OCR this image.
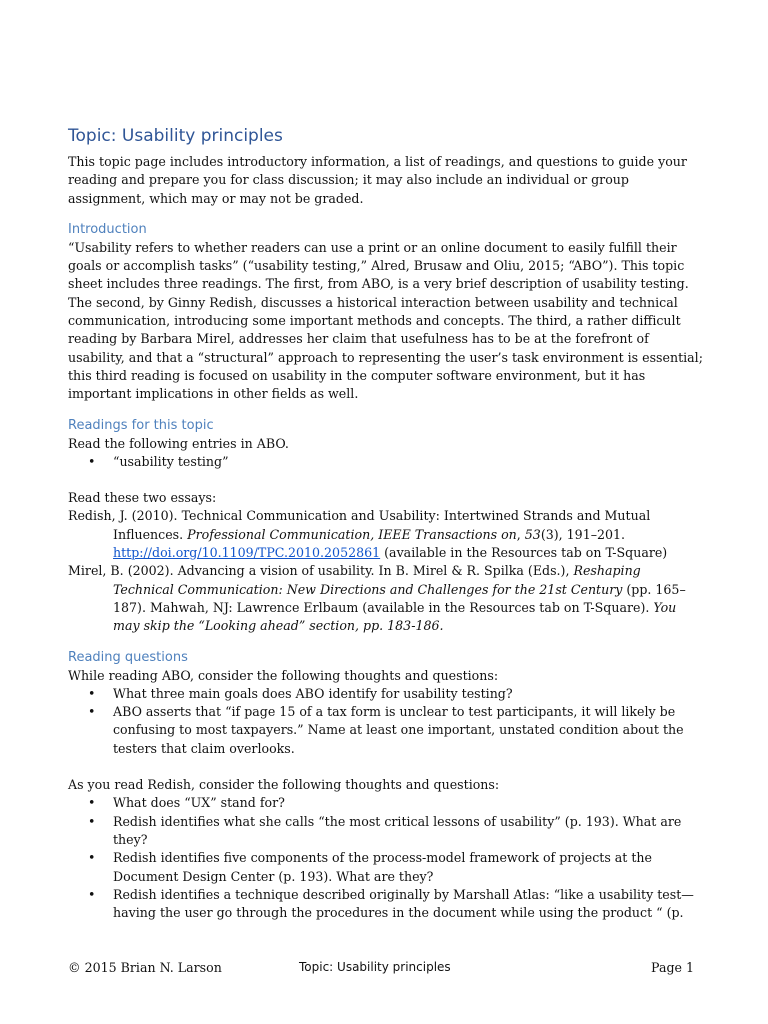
Topic: Usability principles

This topic page includes introductory information, a list of readings, and questions to guide your reading and prepare you for class discussion; it may also include an individual or group assignment, which may or may not be graded.

Introduction

“Usability refers to whether readers can use a print or an online document to easily fulfill their goals or accomplish tasks” (“usability testing,” Alred, Brusaw and Oliu, 2015; “ABO”). This topic sheet includes three readings. The first, from ABO, is a very brief description of usability testing. The second, by Ginny Redish, discusses a historical interaction between usability and technical communication, introducing some important methods and concepts. The third, a rather difficult reading by Barbara Mirel, addresses her claim that usefulness has to be at the forefront of usability, and that a “structural” approach to representing the user’s task environment is essential; this third reading is focused on usability in the computer software environment, but it has important implications in other fields as well.

Readings for this topic

Read the following entries in ABO.

• “usability testing”

Read these two essays:

Redish, J. (2010). Technical Communication and Usability: Intertwined Strands and Mutual Influences. Professional Communication, IEEE Transactions on, 53(3), 191–201. http://doi.org/10.1109/TPC.2010.2052861 (available in the Resources tab on T-Square)

Mirel, B. (2002). Advancing a vision of usability. In B. Mirel & R. Spilka (Eds.), Reshaping Technical Communication: New Directions and Challenges for the 21st Century (pp. 165–187). Mahwah, NJ: Lawrence Erlbaum (available in the Resources tab on T-Square). You may skip the “Looking ahead” section, pp. 183-186.

Reading questions

While reading ABO, consider the following thoughts and questions:

• What three main goals does ABO identify for usability testing?
• ABO asserts that “if page 15 of a tax form is unclear to test participants, it will likely be confusing to most taxpayers.” Name at least one important, unstated condition about the testers that claim overlooks.

As you read Redish, consider the following thoughts and questions:

• What does “UX” stand for?
• Redish identifies what she calls “the most critical lessons of usability” (p. 193). What are they?
• Redish identifies five components of the process-model framework of projects at the Document Design Center (p. 193). What are they?
• Redish identifies a technique described originally by Marshall Atlas: “like a usability test—having the user go through the procedures in the document while using the product “ (p.
© 2015 Brian N. Larson	Topic: Usability principles	Page 1
